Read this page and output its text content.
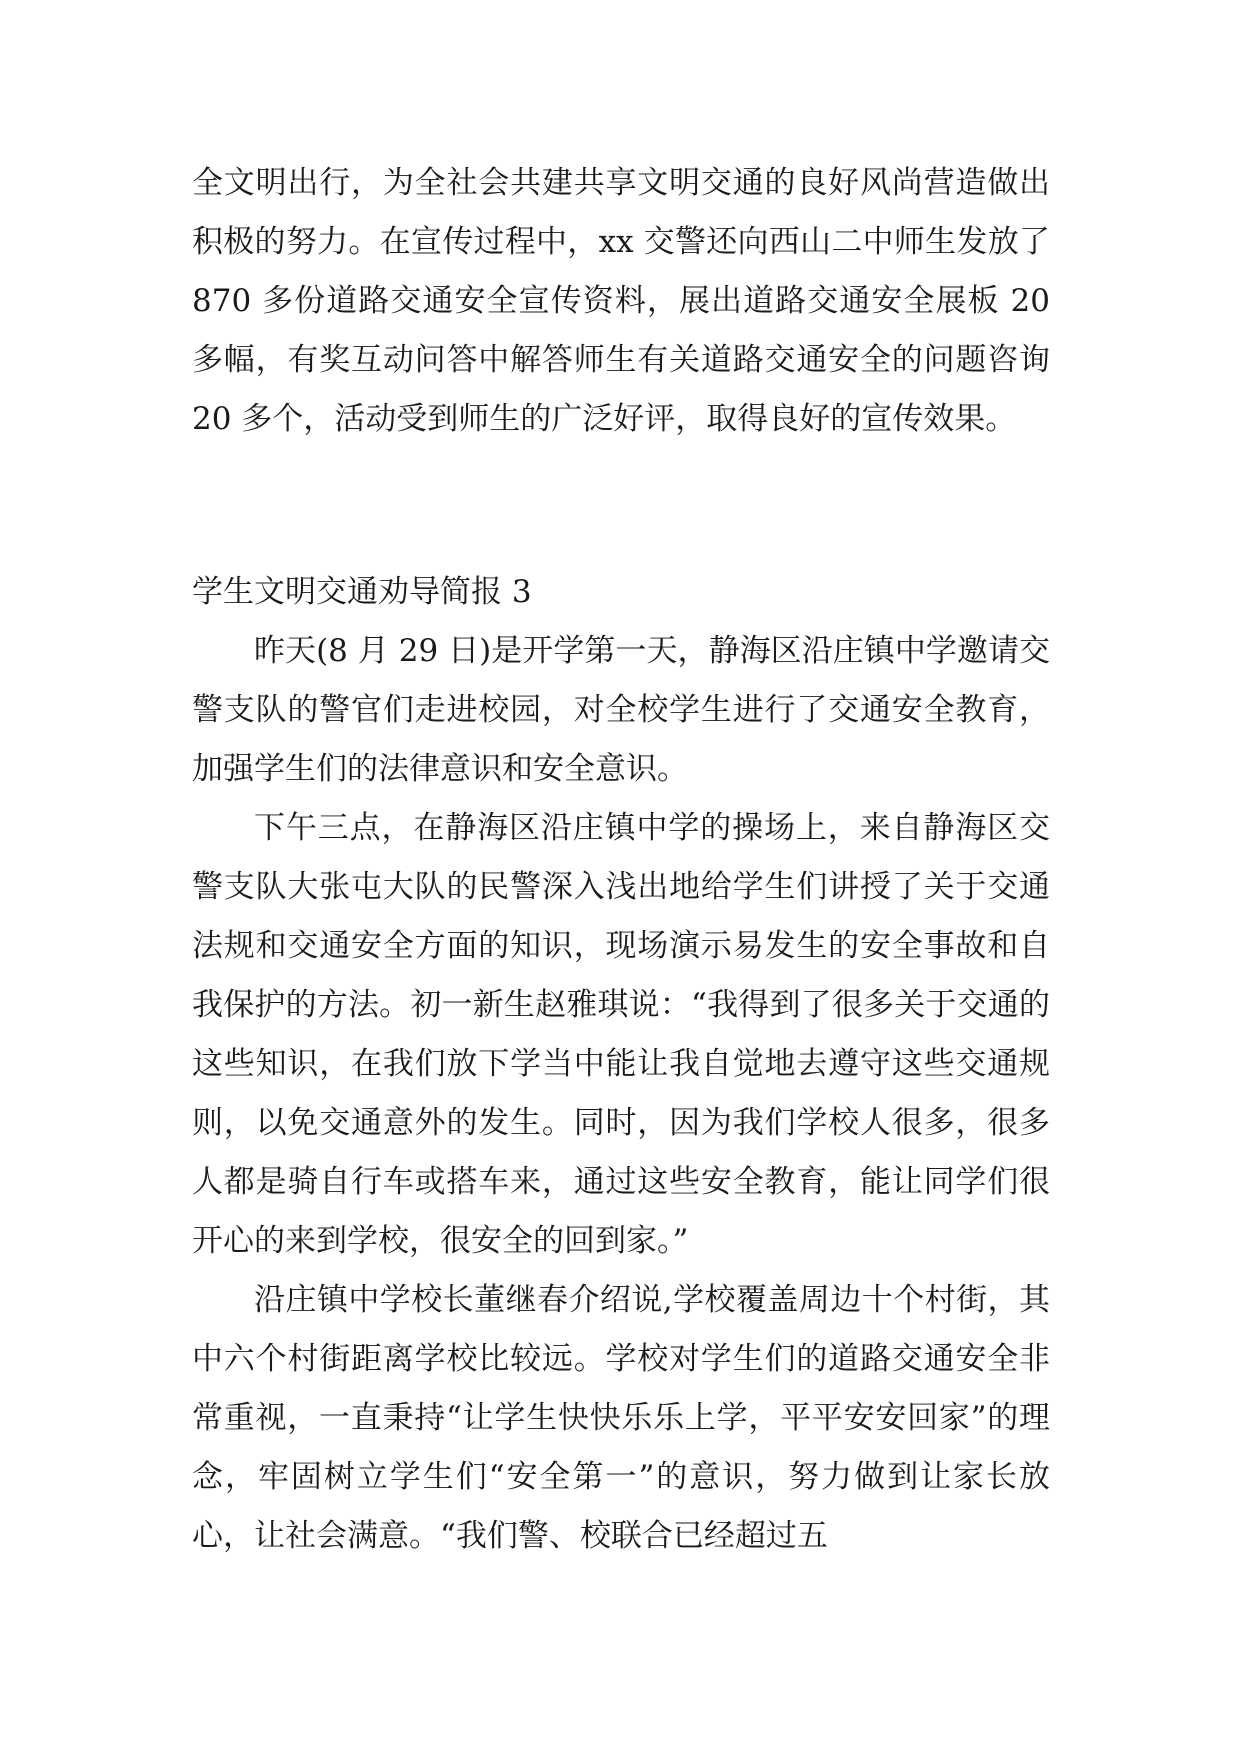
全文明出行，为全社会共建共享文明交通的良好风尚营造做出积极的努力。在宣传过程中，xx 交警还向西山二中师生发放了 870 多份道路交通安全宣传资料，展出道路交通安全展板 20 多幅，有奖互动问答中解答师生有关道路交通安全的问题咨询 20 多个，活动受到师生的广泛好评，取得良好的宣传效果。

学生文明交通劝导简报 3

昨天(8 月 29 日)是开学第一天，静海区沿庄镇中学邀请交警支队的警官们走进校园，对全校学生进行了交通安全教育，加强学生们的法律意识和安全意识。

下午三点，在静海区沿庄镇中学的操场上，来自静海区交警支队大张屯大队的民警深入浅出地给学生们讲授了关于交通法规和交通安全方面的知识，现场演示易发生的安全事故和自我保护的方法。初一新生赵雅琪说：“我得到了很多关于交通的这些知识，在我们放下学当中能让我自觉地去遵守这些交通规则，以免交通意外的发生。同时，因为我们学校人很多，很多人都是骑自行车或搭车来，通过这些安全教育，能让同学们很开心的来到学校，很安全的回到家。”

沿庄镇中学校长董继春介绍说,学校覆盖周边十个村街，其中六个村街距离学校比较远。学校对学生们的道路交通安全非常重视，一直秉持“让学生快快乐乐上学，平平安安回家”的理念，牢固树立学生们“安全第一”的意识，努力做到让家长放心，让社会满意。“我们警、校联合已经超过五
